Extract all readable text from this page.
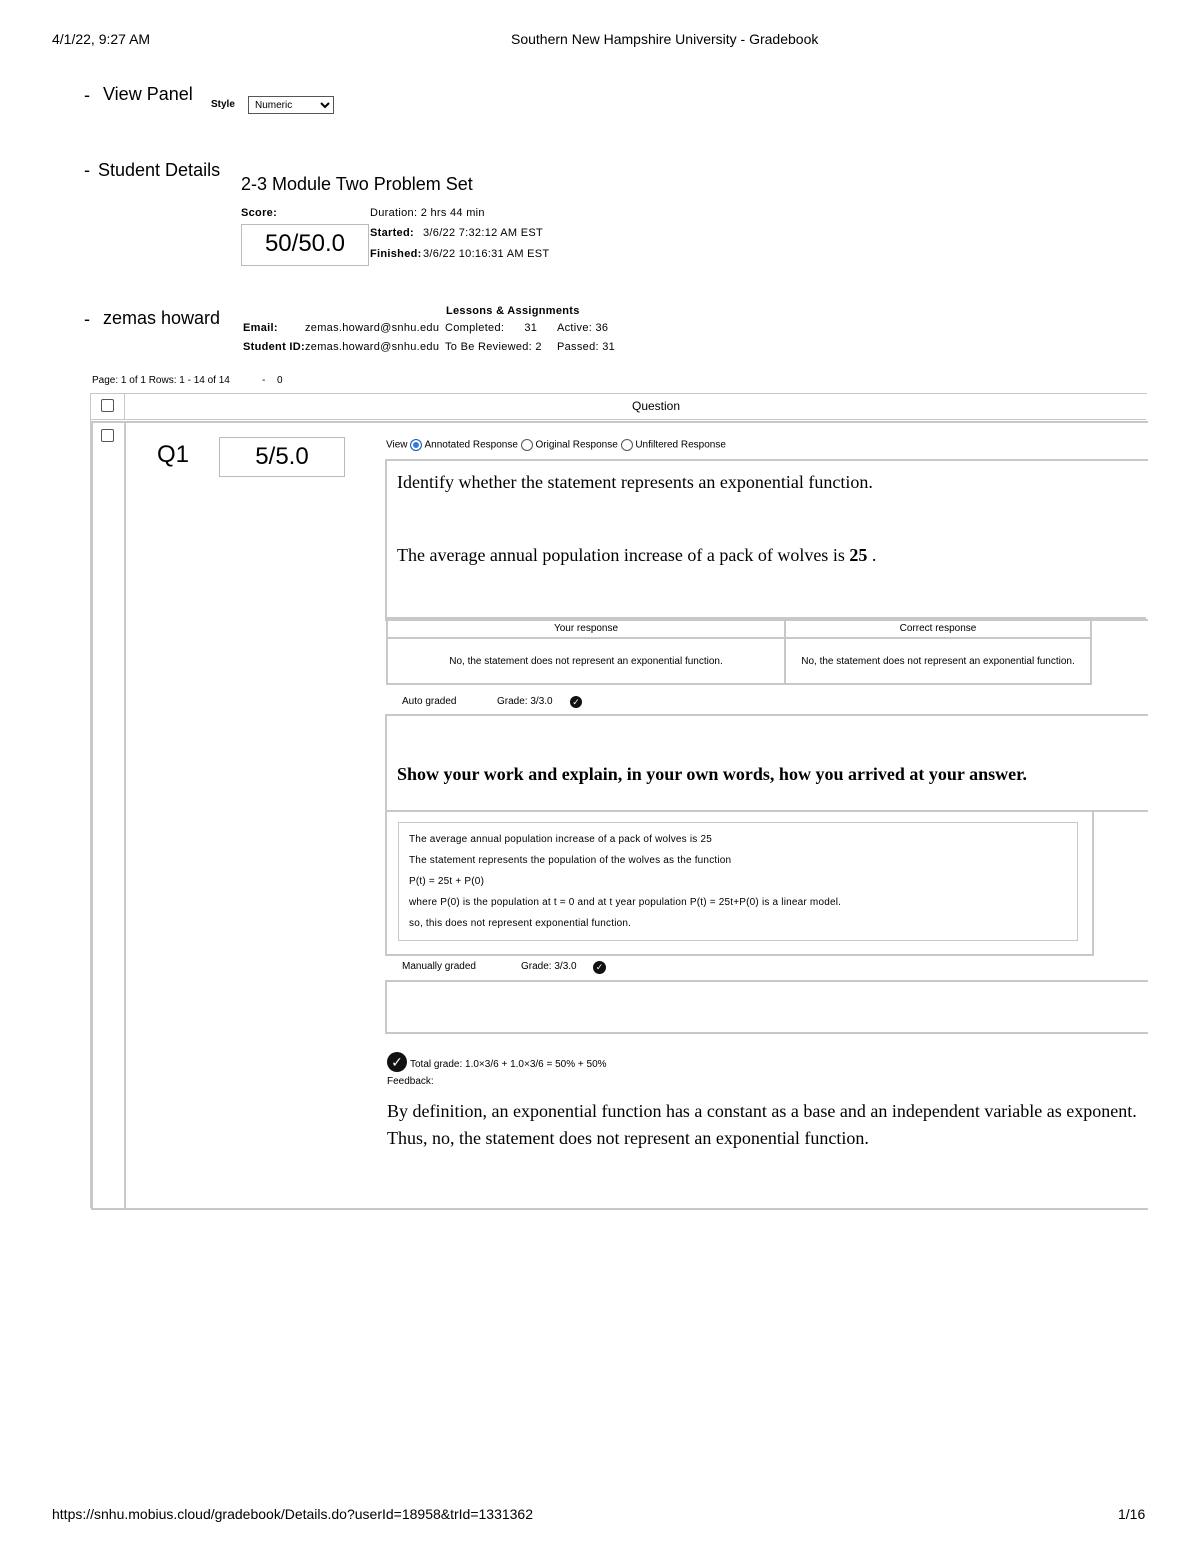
4/1/22, 9:27 AM	Southern New Hampshire University - Gradebook
- View Panel
Style
Numeric
- Student Details
2-3 Module Two Problem Set
Score:
50/50.0
Duration: 2 hrs 44 min
Started: 3/6/22 7:32:12 AM EST
Finished: 3/6/22 10:16:31 AM EST
- zemas howard	Lessons & Assignments
Email: zemas.howard@snhu.edu Completed:      31 Active: 36
Student ID: zemas.howard@snhu.edu To Be Reviewed: 2 Passed: 31
Page: 1 of 1 Rows: 1 - 14 of 14	- 0
Question
Q1	5/5.0	View Annotated Response Original Response Unfiltered Response
Identify whether the statement represents an exponential function.
The average annual population increase of a pack of wolves is 25 .
Your response	Correct response
No, the statement does not represent an exponential function.	No, the statement does not represent an exponential function.
Auto graded	Grade: 3/3.0 ✓
Show your work and explain, in your own words, how you arrived at your answer.
The average annual population increase of a pack of wolves is 25
The statement represents the population of the wolves as the function
P(t) = 25t + P(0)
where P(0) is the population at t = 0 and at t year population P(t) = 25t+P(0) is a linear model.
so, this does not represent exponential function.
Manually graded	Grade: 3/3.0	✓
✓ Total grade: 1.0×3/6 + 1.0×3/6 = 50% + 50%
Feedback:
By definition, an exponential function has a constant as a base and an independent variable as exponent. Thus, no, the statement does not represent an exponential function.
https://snhu.mobius.cloud/gradebook/Details.do?userId=18958&trId=1331362	1/16
